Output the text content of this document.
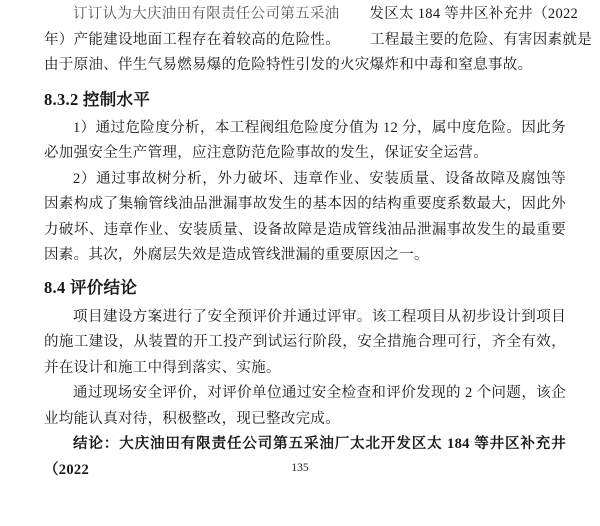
订订认为大庆油田有限责任公司第五采油 发区太 184 等井区补充井（2022
年）产能建设地面工程存在着较高的危险性。 工程最主要的危险、有害因素就是
由于原油、伴生气易燃易爆的危险特性引发的火灾爆炸和中毒和窒息事故。
8.3.2 控制水平

1）通过危险度分析，本工程阀组危险度分值为 12 分，属中度危险。因此务必加强安全生产管理，应注意防范危险事故的发生，保证安全运营。

2）通过事故树分析，外力破坏、违章作业、安装质量、设备故障及腐蚀等因素构成了集输管线油品泄漏事故发生的基本因的结构重要度系数最大，因此外力破坏、违章作业、安装质量、设备故障是造成管线油品泄漏事故发生的最重要因素。其次，外腐层失效是造成管线泄漏的重要原因之一。

8.4 评价结论

项目建设方案进行了安全预评价并通过评审。该工程项目从初步设计到项目的施工建设，从装置的开工投产到试运行阶段，安全措施合理可行，齐全有效，并在设计和施工中得到落实、实施。

通过现场安全评价，对评价单位通过安全检查和评价发现的 2 个问题，该企业均能认真对待，积极整改，现已整改完成。

结论：大庆油田有限责任公司第五采油厂太北开发区太 184 等井区补充井（2022	135
